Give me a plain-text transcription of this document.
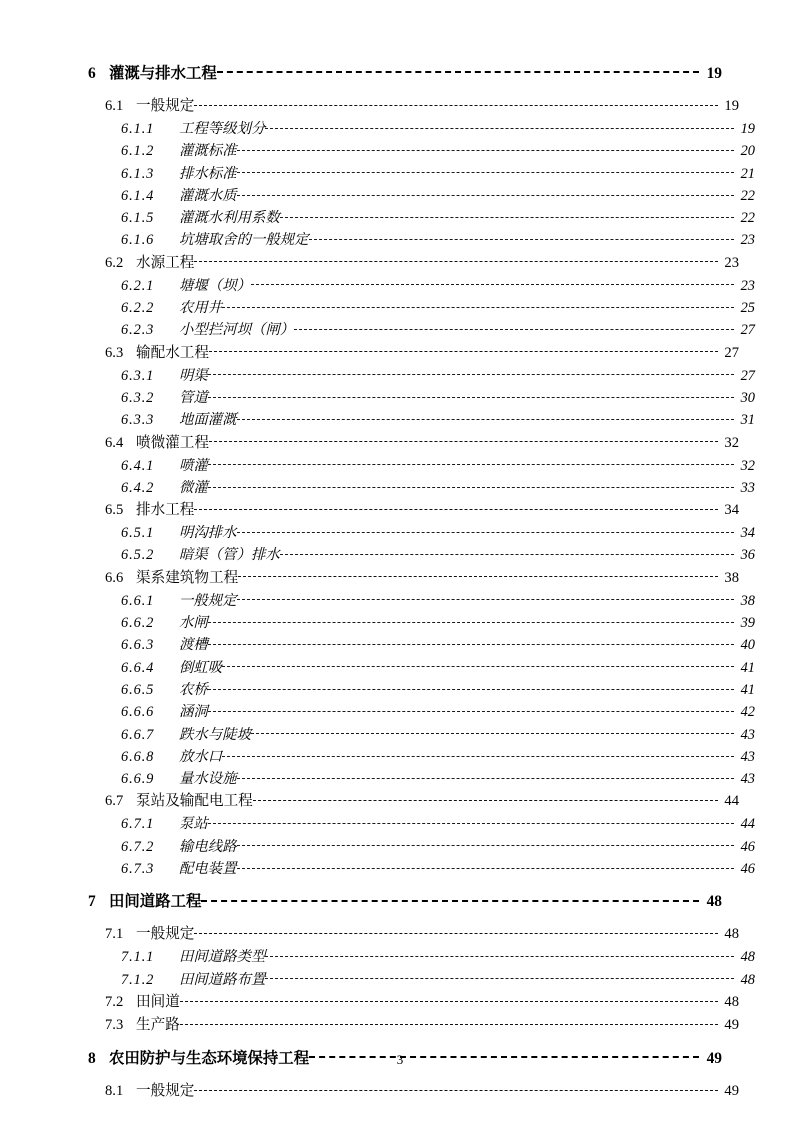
6 灌溉与排水工程	19
6.1 一般规定	19
6.1.1	工程等级划分	19
6.1.2	灌溉标准	20
6.1.3	排水标准	21
6.1.4	灌溉水质	22
6.1.5	灌溉水利用系数	22
6.1.6	坑塘取舍的一般规定	23
6.2 水源工程	23
6.2.1	塘堰（坝）	23
6.2.2	农用井	25
6.2.3	小型拦河坝（闸）	27
6.3 输配水工程	27
6.3.1	明渠	27
6.3.2	管道	30
6.3.3	地面灌溉	31
6.4 喷微灌工程	32
6.4.1	喷灌	32
6.4.2	微灌	33
6.5 排水工程	34
6.5.1	明沟排水	34
6.5.2	暗渠（管）排水	36
6.6 渠系建筑物工程	38
6.6.1	一般规定	38
6.6.2	水闸	39
6.6.3	渡槽	40
6.6.4	倒虹吸	41
6.6.5	农桥	41
6.6.6	涵洞	42
6.6.7	跌水与陡坡	43
6.6.8	放水口	43
6.6.9	量水设施	43
6.7 泵站及输配电工程	44
6.7.1	泵站	44
6.7.2	输电线路	46
6.7.3	配电装置	46
7 田间道路工程	48
7.1 一般规定	48
7.1.1	田间道路类型	48
7.1.2	田间道路布置	48
7.2 田间道	48
7.3 生产路	49
8 农田防护与生态环境保持工程	49
8.1 一般规定	49
3
